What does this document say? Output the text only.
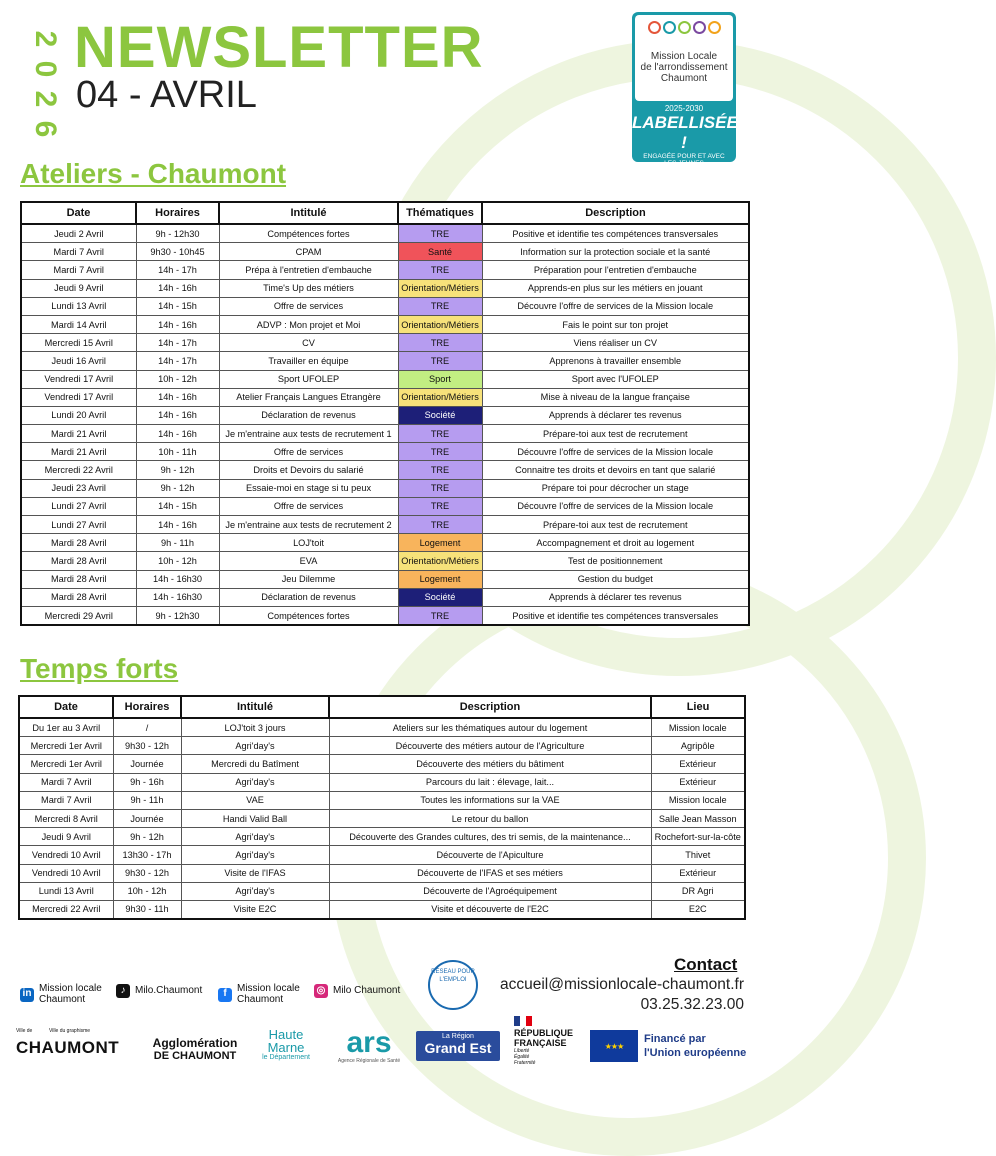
2
0
2
6
NEWSLETTER
04 - AVRIL
Mission Locale
de l'arrondissement
Chaumont
2025-2030
LABELLISÉE !
ENGAGÉE POUR ET AVEC
LES JEUNES
Ateliers - Chaumont
Date	Horaires	Intitulé	Thématiques	Description
Jeudi 2 Avril	9h - 12h30	Compétences fortes	TRE	Positive et identifie tes compétences transversales
Mardi 7 Avril	9h30 - 10h45	CPAM	Santé	Information sur la protection sociale et la santé
Mardi 7 Avril	14h - 17h	Prépa à l'entretien d'embauche	TRE	Préparation pour l'entretien d'embauche
Jeudi 9 Avril	14h - 16h	Time's Up des métiers	Orientation/Métiers	Apprends-en plus sur les métiers en jouant
Lundi 13 Avril	14h - 15h	Offre de services	TRE	Découvre l'offre de services de la Mission locale
Mardi 14 Avril	14h - 16h	ADVP : Mon projet et Moi	Orientation/Métiers	Fais le point sur ton projet
Mercredi 15 Avril	14h - 17h	CV	TRE	Viens réaliser un CV
Jeudi 16 Avril	14h - 17h	Travailler en équipe	TRE	Apprenons à travailler ensemble
Vendredi 17 Avril	10h - 12h	Sport UFOLEP	Sport	Sport avec l'UFOLEP
Vendredi 17 Avril	14h - 16h	Atelier Français Langues Etrangère	Orientation/Métiers	Mise à niveau de la langue française
Lundi 20 Avril	14h - 16h	Déclaration de revenus	Société	Apprends à déclarer tes revenus
Mardi 21 Avril	14h - 16h	Je m'entraine aux tests de recrutement 1	TRE	Prépare-toi aux test de recrutement
Mardi 21 Avril	10h - 11h	Offre de services	TRE	Découvre l'offre de services de la Mission locale
Mercredi 22 Avril	9h - 12h	Droits et Devoirs du salarié	TRE	Connaitre tes droits et devoirs en tant que salarié
Jeudi 23 Avril	9h - 12h	Essaie-moi en stage si tu peux	TRE	Prépare toi pour décrocher un stage
Lundi 27 Avril	14h - 15h	Offre de services	TRE	Découvre l'offre de services de la Mission locale
Lundi 27 Avril	14h - 16h	Je m'entraine aux tests de recrutement 2	TRE	Prépare-toi aux test de recrutement
Mardi 28 Avril	9h - 11h	LOJ'toit	Logement	Accompagnement et droit au logement
Mardi 28 Avril	10h - 12h	EVA	Orientation/Métiers	Test de positionnement
Mardi 28 Avril	14h - 16h30	Jeu Dilemme	Logement	Gestion du budget
Mardi 28 Avril	14h - 16h30	Déclaration de revenus	Société	Apprends à déclarer tes revenus
Mercredi 29 Avril	9h - 12h30	Compétences fortes	TRE	Positive et identifie tes compétences transversales
Temps forts
Date	Horaires	Intitulé	Description	Lieu
Du 1er au 3 Avril	/	LOJ'toit 3 jours	Ateliers sur les thématiques autour du logement	Mission locale
Mercredi 1er Avril	9h30 - 12h	Agri'day's	Découverte des métiers autour de l'Agriculture	Agripôle
Mercredi 1er Avril	Journée	Mercredi du Batîment	Découverte des métiers du bâtiment	Extérieur
Mardi 7 Avril	9h - 16h	Agri'day's	Parcours du lait : élevage, lait...	Extérieur
Mardi 7 Avril	9h - 11h	VAE	Toutes les informations sur la VAE	Mission locale
Mercredi 8 Avril	Journée	Handi Valid Ball	Le retour du ballon	Salle Jean Masson
Jeudi 9 Avril	9h - 12h	Agri'day's	Découverte des Grandes cultures, des tri semis, de la maintenance...	Rochefort-sur-la-côte
Vendredi 10 Avril	13h30 - 17h	Agri'day's	Découverte de l'Apiculture	Thivet
Vendredi 10 Avril	9h30 - 12h	Visite de l'IFAS	Découverte de l'IFAS et ses métiers	Extérieur
Lundi 13 Avril	10h - 12h	Agri'day's	Découverte de l'Agroéquipement	DR Agri
Mercredi 22 Avril	9h30 - 11h	Visite E2C	Visite et découverte de l'E2C	E2C
in Mission locale
Chaumont
♪ Milo.Chaumont	f	Mission locale
Chaumont
◎ Milo Chaumont
RÉSEAU POUR L'EMPLOI
Contact
accueil@missionlocale-chaumont.fr
03.25.32.23.00
Ville de	Ville du graphisme
CHAUMONT	Agglomération
DE CHAUMONT
Haute
Marne
le Département	ars
Agence Régionale de Santé
La Région
Grand Est
RÉPUBLIQUE
FRANÇAISE
Liberté
Égalité
Fraternité
★★★
Financé par
l'Union européenne
